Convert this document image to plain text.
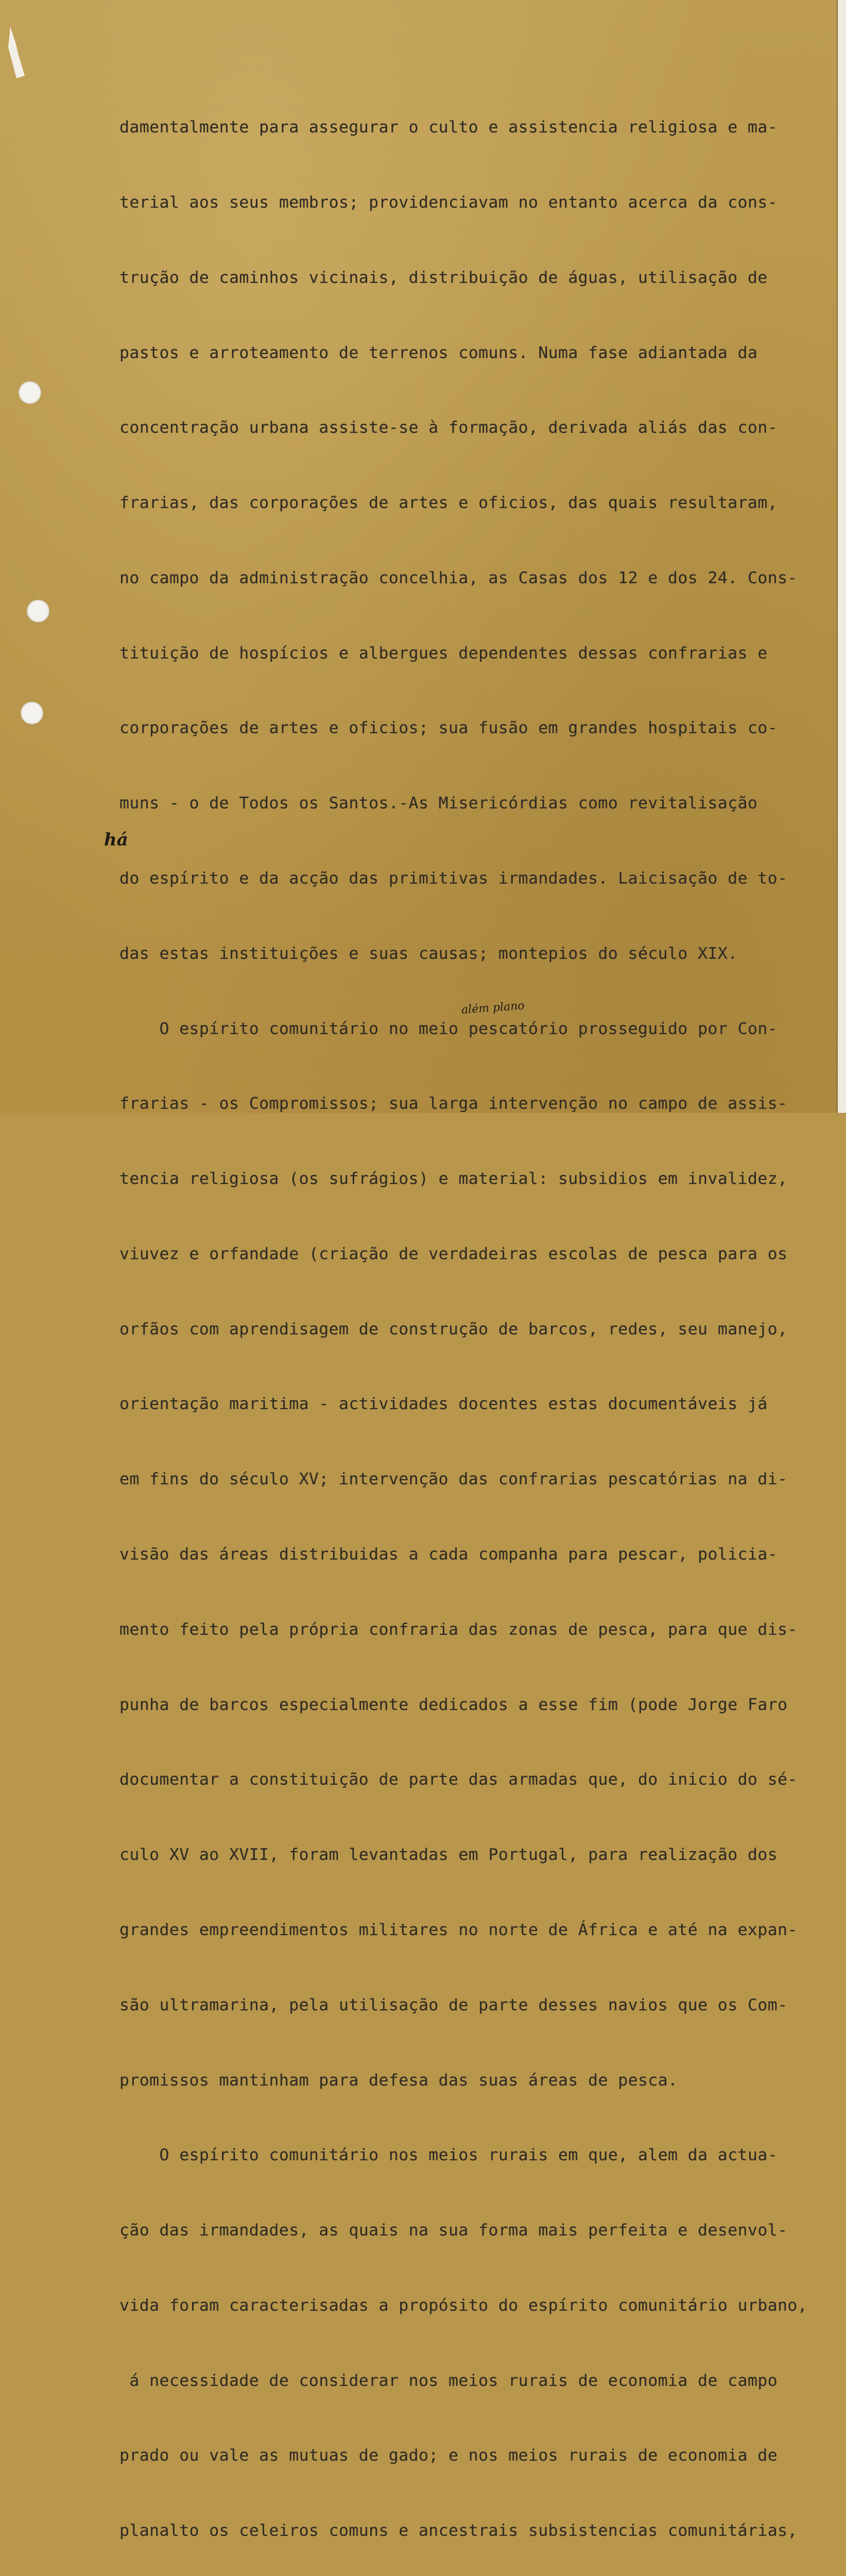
damentalmente para assegurar o culto e assistencia religiosa e ma-

terial aos seus membros; providenciavam no entanto acerca da cons-

trução de caminhos vicinais, distribuição de águas, utilisação de

pastos e arroteamento de terrenos comuns. Numa fase adiantada da

concentração urbana assiste-se à formação, derivada aliás das con-

frarias, das corporações de artes e oficios, das quais resultaram,

no campo da administração concelhia, as Casas dos 12 e dos 24. Cons-

tituição de hospícios e albergues dependentes dessas confrarias e

corporações de artes e oficios; sua fusão em grandes hospitais co-

muns - o de Todos os Santos.-As Misericórdias como revitalisação

do espírito e da acção das primitivas irmandades. Laicisação de to-

das estas instituições e suas causas; montepios do século XIX.

O espírito comunitário no meio pescatório prosseguido por Con-

frarias - os Compromissos; sua larga intervenção no campo de assis-

tencia religiosa (os sufrágios) e material: subsidios em invalidez,

viuvez e orfandade (criação de verdadeiras escolas de pesca para os

orfãos com aprendisagem de construção de barcos, redes, seu manejo,

orientação maritima - actividades docentes estas documentáveis já

em fins do século XV; intervenção das confrarias pescatórias na di-

visão das áreas distribuidas a cada companha para pescar, policia-

mento feito pela própria confraria das zonas de pesca, para que dis-

punha de barcos especialmente dedicados a esse fim (pode Jorge Faro

documentar a constituição de parte das armadas que, do inicio do sé-

culo XV ao XVII, foram levantadas em Portugal, para realização dos

grandes empreendimentos militares no norte de África e até na expan-

são ultramarina, pela utilisação de parte desses navios que os Com-

promissos mantinham para defesa das suas áreas de pesca.

O espírito comunitário nos meios rurais em que, alem da actua-

ção das irmandades, as quais na sua forma mais perfeita e desenvol-

vida foram caracterisadas a propósito do espírito comunitário urbano,

á necessidade de considerar nos meios rurais de economia de campo

prado ou vale as mutuas de gado; e nos meios rurais de economia de

planalto os celeiros comuns e ancestrais subsistencias comunitárias,

além plano
há
